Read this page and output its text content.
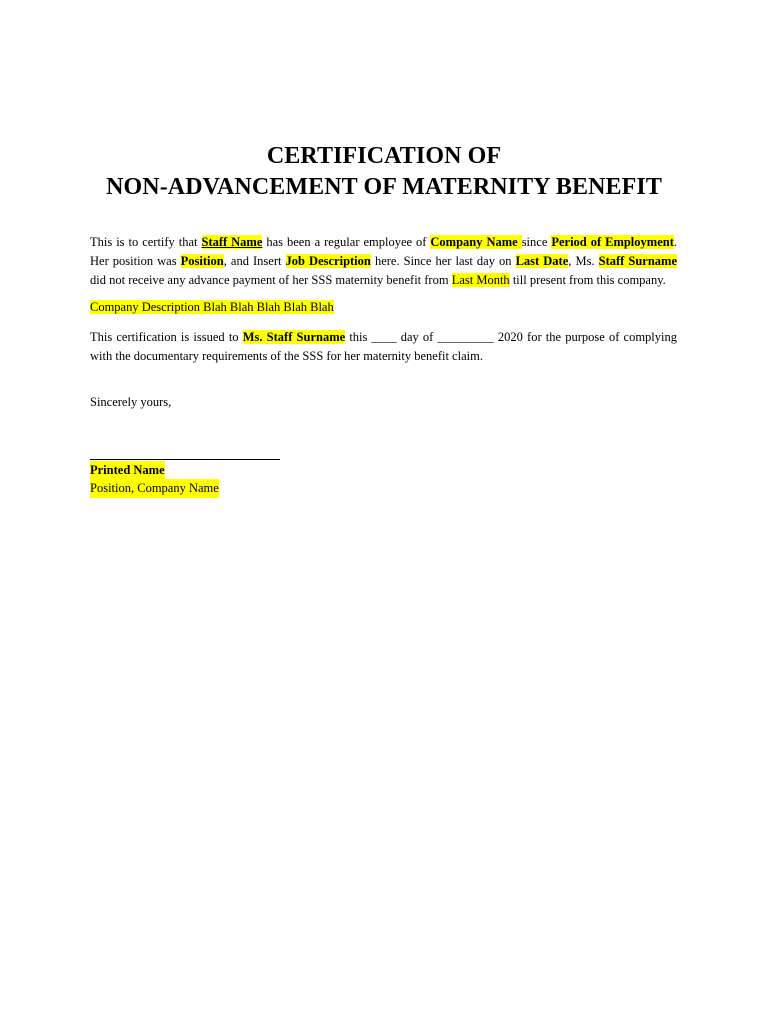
CERTIFICATION OF
NON-ADVANCEMENT OF MATERNITY BENEFIT
This is to certify that Staff Name has been a regular employee of Company Name since Period of Employment.
Her position was Position, and Insert Job Description here. Since her last day on Last Date, Ms. Staff Surname
did not receive any advance payment of her SSS maternity benefit from Last Month till present from this company.
Company Description Blah Blah Blah Blah Blah
This certification is issued to Ms. Staff Surname this ____ day of _________ 2020 for the purpose of complying
with the documentary requirements of the SSS for her maternity benefit claim.
Sincerely yours,
Printed Name
Position, Company Name
